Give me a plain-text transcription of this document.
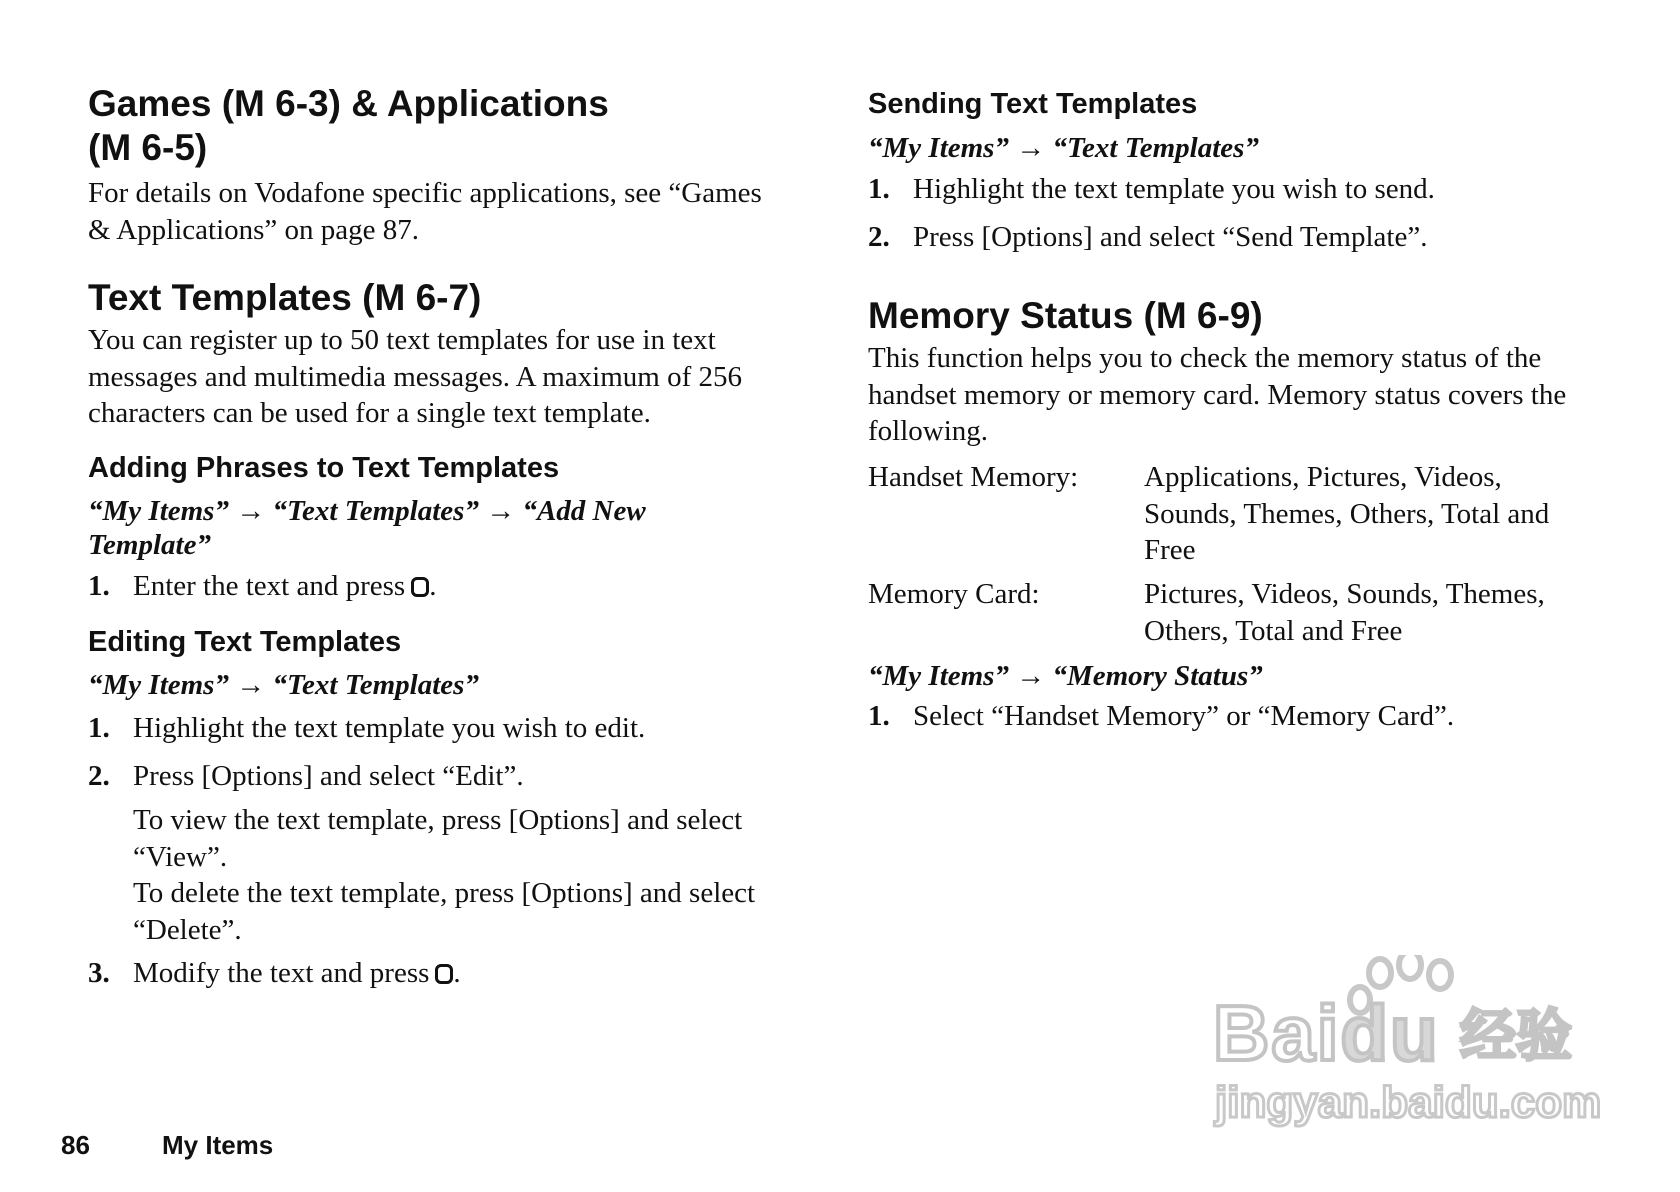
Games (M 6-3) & Applications
(M 6-5)

For details on Vodafone specific applications, see “Games & Applications” on page 87.

Text Templates (M 6-7)

You can register up to 50 text templates for use in text messages and multimedia messages. A maximum of 256 characters can be used for a single text template.

Adding Phrases to Text Templates

“My Items” → “Text Templates” → “Add New Template”

1. Enter the text and press .
Editing Text Templates

“My Items” → “Text Templates”

1. Highlight the text template you wish to edit.
2. Press [Options] and select “Edit”.

To view the text template, press [Options] and select “View”.

To delete the text template, press [Options] and select “Delete”.

3. Modify the text and press .
Sending Text Templates

“My Items” → “Text Templates”

1. Highlight the text template you wish to send.
2. Press [Options] and select “Send Template”.
Memory Status (M 6-9)

This function helps you to check the memory status of the handset memory or memory card. Memory status covers the following.

Handset Memory: Applications, Pictures, Videos, Sounds, Themes, Others, Total and Free
Memory Card:	Pictures, Videos, Sounds, Themes, Others, Total and Free

“My Items” → “Memory Status”

1. Select “Handset Memory” or “Memory Card”.
86	My Items
Baidu 经验
jingyan.baidu.com
